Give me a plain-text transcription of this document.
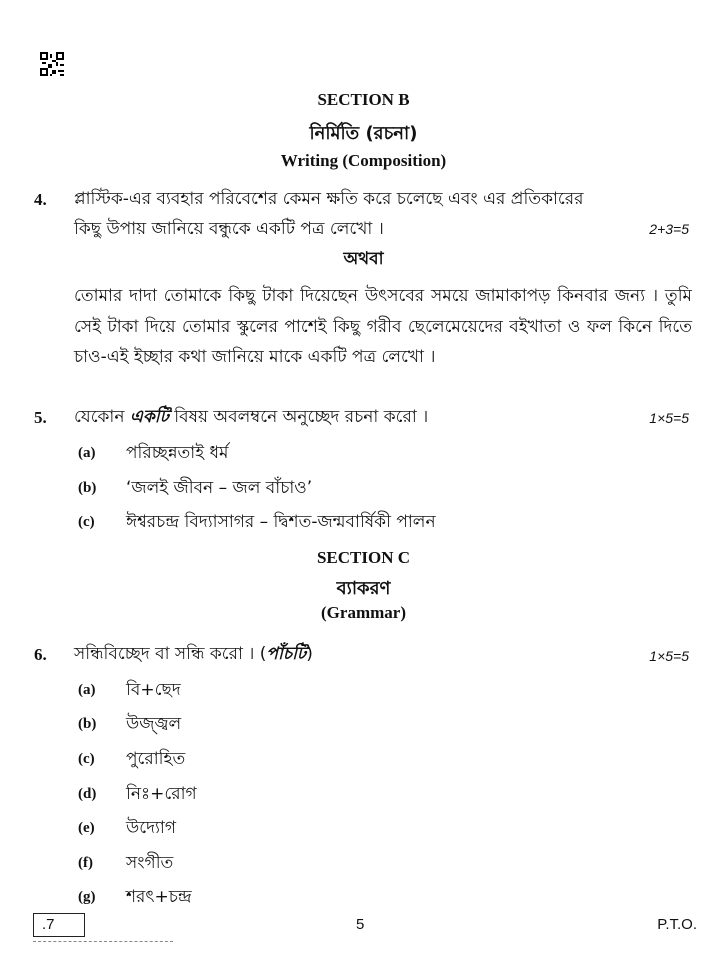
SECTION B
নির্মিতি (রচনা)
Writing (Composition)
4. প্লাস্টিক-এর ব্যবহার পরিবেশের কেমন ক্ষতি করে চলেছে এবং এর প্রতিকারের
কিছু উপায় জানিয়ে বন্ধুকে একটি পত্র লেখো ।	2+3=5
অথবা
তোমার দাদা তোমাকে কিছু টাকা দিয়েছেন উৎসবের সময়ে জামাকাপড় কিনবার জন্য । তুমি সেই টাকা দিয়ে তোমার স্কুলের পাশেই কিছু গরীব ছেলেমেয়েদের বইখাতা ও ফল কিনে দিতে চাও-এই ইচ্ছার কথা জানিয়ে মাকে একটি পত্র লেখো ।
5. যেকোন একটি বিষয় অবলম্বনে অনুচ্ছেদ রচনা করো ।	1×5=5
(a) পরিচ্ছন্নতাই ধর্ম
(b) ‘জলই জীবন – জল বাঁচাও’
(c) ঈশ্বরচন্দ্র বিদ্যাসাগর – দ্বিশত-জন্মবার্ষিকী পালন
SECTION C
ব্যাকরণ
(Grammar)
6. সন্ধিবিচ্ছেদ বা সন্ধি করো । (পাঁচটি)	1×5=5
(a) বি+ছেদ
(b) উজ্জ্বল
(c) পুরোহিত
(d) নিঃ+রোগ
(e) উদ্যোগ
(f) সংগীত
(g) শরৎ+চন্দ্র
.7	5	P.T.O.
